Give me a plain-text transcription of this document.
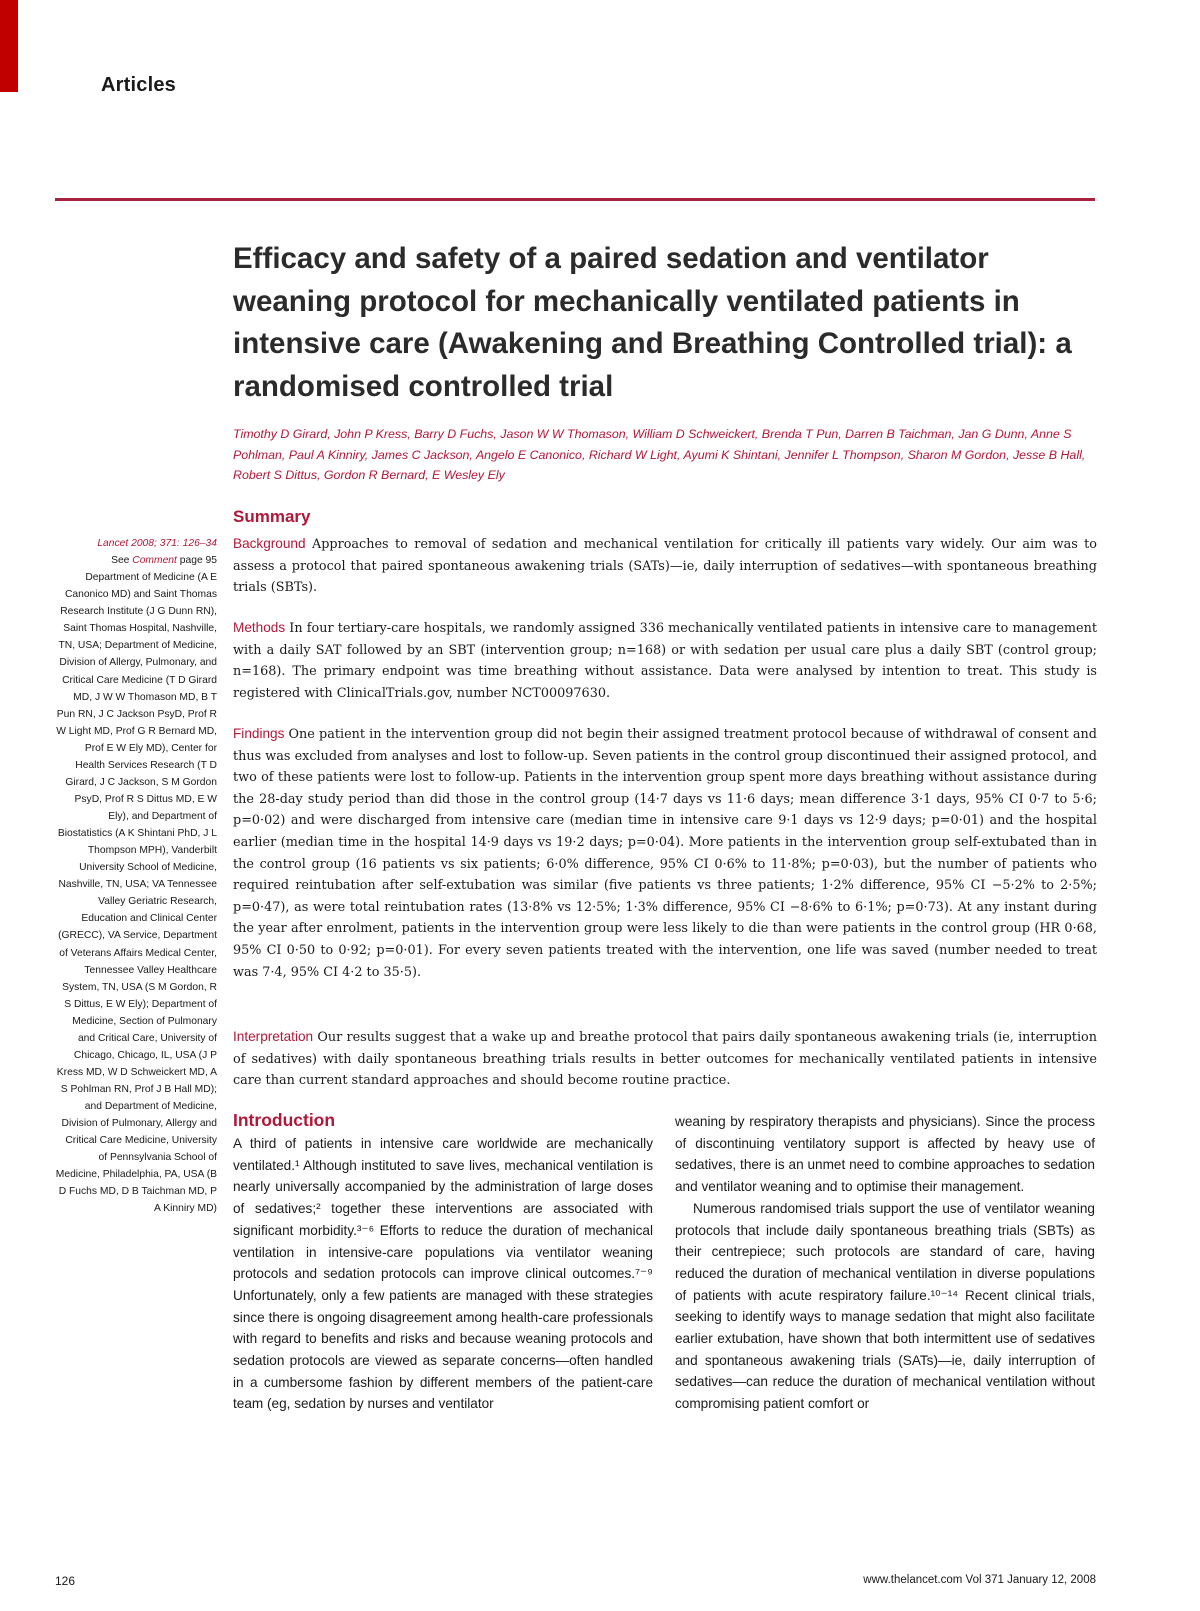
Articles
Efficacy and safety of a paired sedation and ventilator weaning protocol for mechanically ventilated patients in intensive care (Awakening and Breathing Controlled trial): a randomised controlled trial

Timothy D Girard, John P Kress, Barry D Fuchs, Jason W W Thomason, William D Schweickert, Brenda T Pun, Darren B Taichman, Jan G Dunn, Anne S Pohlman, Paul A Kinniry, James C Jackson, Angelo E Canonico, Richard W Light, Ayumi K Shintani, Jennifer L Thompson, Sharon M Gordon, Jesse B Hall, Robert S Dittus, Gordon R Bernard, E Wesley Ely

Summary

Background Approaches to removal of sedation and mechanical ventilation for critically ill patients vary widely. Our aim was to assess a protocol that paired spontaneous awakening trials (SATs)—ie, daily interruption of sedatives—with spontaneous breathing trials (SBTs).

Methods In four tertiary-care hospitals, we randomly assigned 336 mechanically ventilated patients in intensive care to management with a daily SAT followed by an SBT (intervention group; n=168) or with sedation per usual care plus a daily SBT (control group; n=168). The primary endpoint was time breathing without assistance. Data were analysed by intention to treat. This study is registered with ClinicalTrials.gov, number NCT00097630.

Findings One patient in the intervention group did not begin their assigned treatment protocol because of withdrawal of consent and thus was excluded from analyses and lost to follow-up. Seven patients in the control group discontinued their assigned protocol, and two of these patients were lost to follow-up. Patients in the intervention group spent more days breathing without assistance during the 28-day study period than did those in the control group (14·7 days vs 11·6 days; mean difference 3·1 days, 95% CI 0·7 to 5·6; p=0·02) and were discharged from intensive care (median time in intensive care 9·1 days vs 12·9 days; p=0·01) and the hospital earlier (median time in the hospital 14·9 days vs 19·2 days; p=0·04). More patients in the intervention group self-extubated than in the control group (16 patients vs six patients; 6·0% difference, 95% CI 0·6% to 11·8%; p=0·03), but the number of patients who required reintubation after self-extubation was similar (five patients vs three patients; 1·2% difference, 95% CI −5·2% to 2·5%; p=0·47), as were total reintubation rates (13·8% vs 12·5%; 1·3% difference, 95% CI −8·6% to 6·1%; p=0·73). At any instant during the year after enrolment, patients in the intervention group were less likely to die than were patients in the control group (HR 0·68, 95% CI 0·50 to 0·92; p=0·01). For every seven patients treated with the intervention, one life was saved (number needed to treat was 7·4, 95% CI 4·2 to 35·5).

Interpretation Our results suggest that a wake up and breathe protocol that pairs daily spontaneous awakening trials (ie, interruption of sedatives) with daily spontaneous breathing trials results in better outcomes for mechanically ventilated patients in intensive care than current standard approaches and should become routine practice.

Lancet 2008; 371: 126–34
See Comment page 95
Department of Medicine (A E Canonico MD) and Saint Thomas Research Institute (J G Dunn RN), Saint Thomas Hospital, Nashville, TN, USA; Department of Medicine, Division of Allergy, Pulmonary, and Critical Care Medicine (T D Girard MD, J W W Thomason MD, B T Pun RN, J C Jackson PsyD, Prof R W Light MD, Prof G R Bernard MD, Prof E W Ely MD), Center for Health Services Research (T D Girard, J C Jackson, S M Gordon PsyD, Prof R S Dittus MD, E W Ely), and Department of Biostatistics (A K Shintani PhD, J L Thompson MPH), Vanderbilt University School of Medicine, Nashville, TN, USA; VA Tennessee Valley Geriatric Research, Education and Clinical Center (GRECC), VA Service, Department of Veterans Affairs Medical Center, Tennessee Valley Healthcare System, TN, USA (S M Gordon, R S Dittus, E W Ely); Department of Medicine, Section of Pulmonary and Critical Care, University of Chicago, Chicago, IL, USA (J P Kress MD, W D Schweickert MD, A S Pohlman RN, Prof J B Hall MD); and Department of Medicine, Division of Pulmonary, Allergy and Critical Care Medicine, University of Pennsylvania School of Medicine, Philadelphia, PA, USA (B D Fuchs MD, D B Taichman MD, P A Kinniry MD)
Introduction

A third of patients in intensive care worldwide are mechanically ventilated.¹ Although instituted to save lives, mechanical ventilation is nearly universally accompanied by the administration of large doses of sedatives;² together these interventions are associated with significant morbidity.³⁻⁶ Efforts to reduce the duration of mechanical ventilation in intensive-care populations via ventilator weaning protocols and sedation protocols can improve clinical outcomes.⁷⁻⁹ Unfortunately, only a few patients are managed with these strategies since there is ongoing disagreement among health-care professionals with regard to benefits and risks and because weaning protocols and sedation protocols are viewed as separate concerns—often handled in a cumbersome fashion by different members of the patient-care team (eg, sedation by nurses and ventilator

weaning by respiratory therapists and physicians). Since the process of discontinuing ventilatory support is affected by heavy use of sedatives, there is an unmet need to combine approaches to sedation and ventilator weaning and to optimise their management.
Numerous randomised trials support the use of ventilator weaning protocols that include daily spontaneous breathing trials (SBTs) as their centrepiece; such protocols are standard of care, having reduced the duration of mechanical ventilation in diverse populations of patients with acute respiratory failure.¹⁰⁻¹⁴ Recent clinical trials, seeking to identify ways to manage sedation that might also facilitate earlier extubation, have shown that both intermittent use of sedatives and spontaneous awakening trials (SATs)—ie, daily interruption of sedatives—can reduce the duration of mechanical ventilation without compromising patient comfort or

126	www.thelancet.com Vol 371 January 12, 2008
